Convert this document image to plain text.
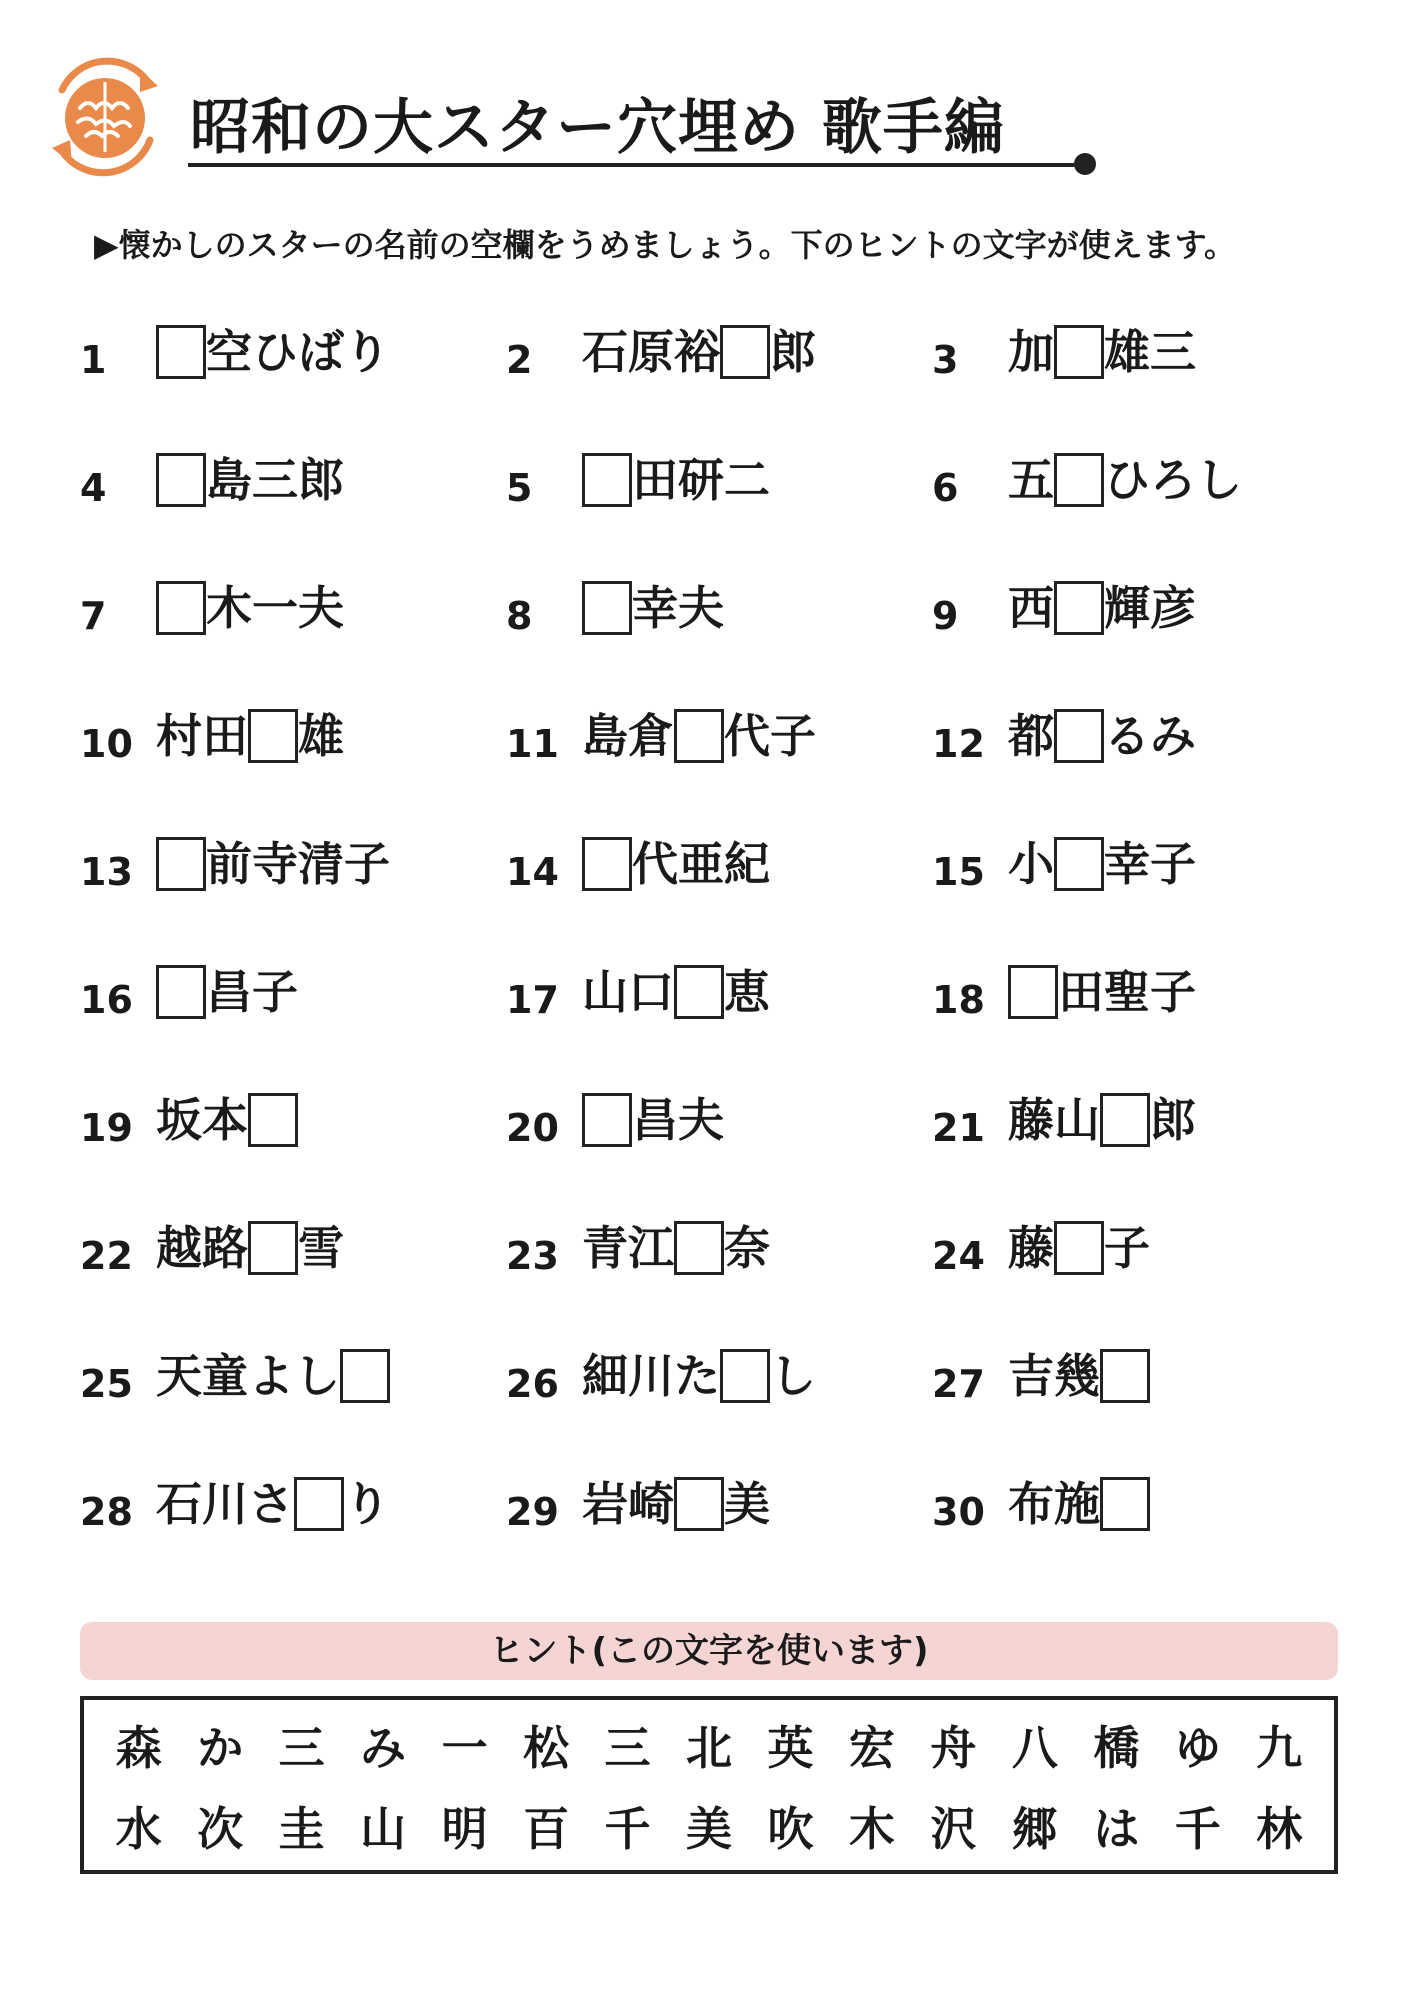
昭和の大スター穴埋め 歌手編
▶懐かしのスターの名前の空欄をうめましょう。下のヒントの文字が使えます。
1	空ひばり	2	石原裕 郎	3	加 雄三
4	島三郎	5	田研二	6	五 ひろし
7	木一夫	8	幸夫	9	西 輝彦
10 村田 雄	11 島倉 代子	12 都 るみ
13	前寺清子	14	代亜紀	15 小 幸子
16	昌子	17 山口 恵	18	田聖子
19 坂本	20	昌夫	21 藤山 郎
22 越路 雪	23 青江 奈	24 藤 子
25 天童よし	26 細川た し	27 吉幾
28 石川さ り	29 岩崎 美	30 布施
ヒント(この文字を使います)
森 か 三 み 一 松 三 北 英 宏 舟 八 橋 ゆ 九
水 次 圭 山 明 百 千 美 吹 木 沢 郷 は 千 林
